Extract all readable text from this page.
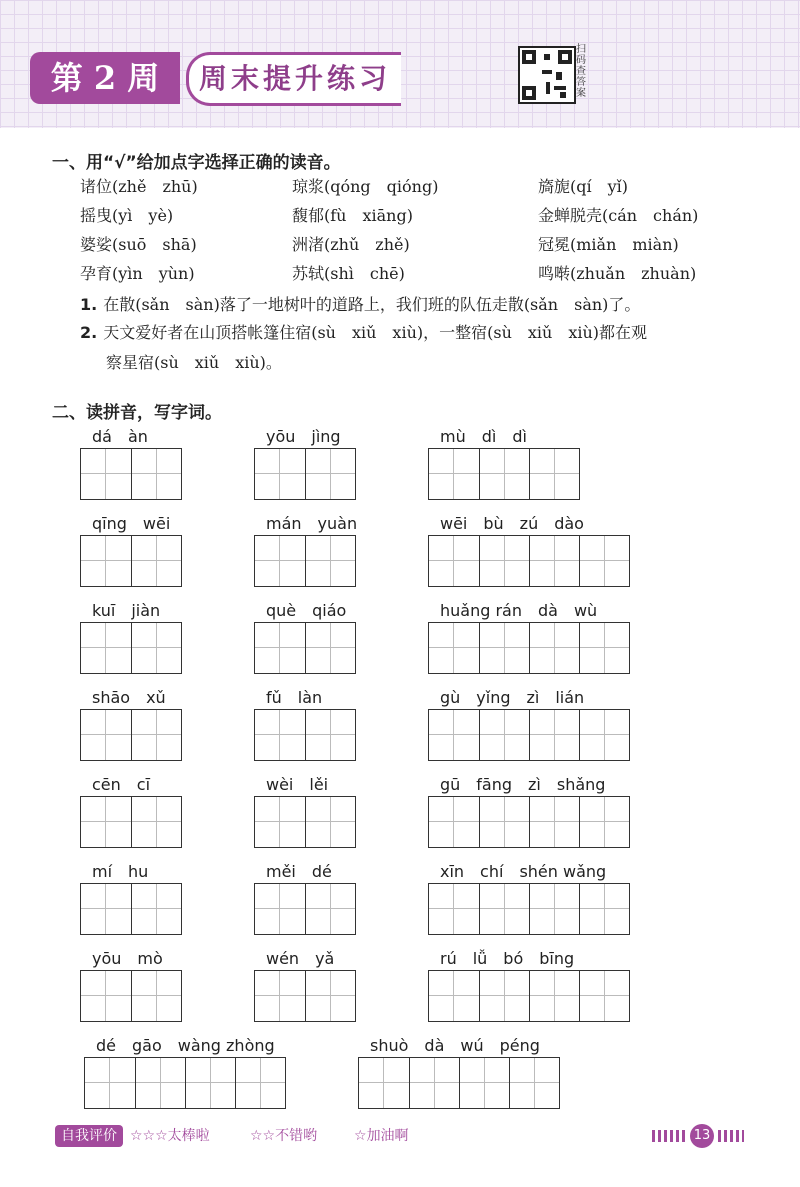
第 2 周	周末提升练习
扫码查答案
一、用“√”给加点字选择正确的读音。
诸位(zhě　zhū)	琼浆(qóng　qióng)	旖旎(qí　yǐ)
摇曳(yì　yè)	馥郁(fù　xiāng)	金蝉脱壳(cán　chán)
婆娑(suō　shā)	洲渚(zhǔ　zhě)	冠冕(miǎn　miàn)
孕育(yìn　yùn)	苏轼(shì　chē)	鸣啭(zhuǎn　zhuàn)
1. 在散(sǎn　sàn)落了一地树叶的道路上，我们班的队伍走散(sǎn　sàn)了。
2. 天文爱好者在山顶搭帐篷住宿(sù　xiǔ　xiù)，一整宿(sù　xiǔ　xiù)都在观
察星宿(sù　xiǔ　xiù)。
二、读拼音，写字词。
dá　àn	yōu　jìng	mù　dì　dì
qīng　wēi	mán　yuàn	wēi　bù　zú　dào
kuī　jiàn	què　qiáo	huǎng rán　dà　wù
shāo　xǔ	fǔ　làn	gù　yǐng　zì　lián
cēn　cī	wèi　lěi	gū　fāng　zì　shǎng
mí　hu	měi　dé	xīn　chí　shén wǎng
yōu　mò	wén　yǎ	rú　lǚ　bó　bīng
dé　gāo　wàng zhòng	shuò　dà　wú　péng
自我评价 ☆☆☆太棒啦	☆☆不错哟	☆加油啊	13
